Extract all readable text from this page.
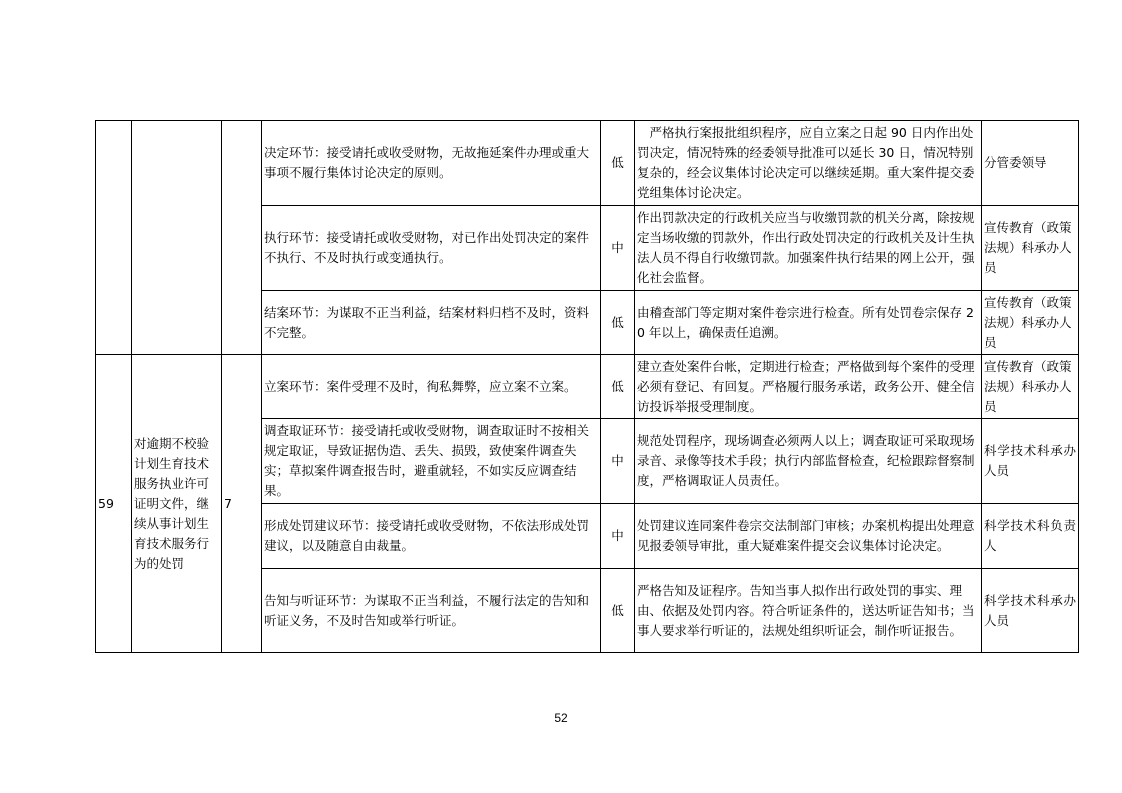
			决定环节：接受请托或收受财物，无故拖延案件办理或重大事项不履行集体讨论决定的原则。	低	严格执行案报批组织程序，应自立案之日起 90 日内作出处罚决定，情况特殊的经委领导批准可以延长 30 日，情况特别复杂的，经会议集体讨论决定可以继续延期。重大案件提交委党组集体讨论决定。	分管委领导
			执行环节：接受请托或收受财物，对已作出处罚决定的案件不执行、不及时执行或变通执行。	中	作出罚款决定的行政机关应当与收缴罚款的机关分离，除按规定当场收缴的罚款外，作出行政处罚决定的行政机关及计生执法人员不得自行收缴罚款。加强案件执行结果的网上公开，强化社会监督。	宣传教育（政策法规）科承办人员
			结案环节：为谋取不正当利益，结案材料归档不及时，资料不完整。	低	由稽查部门等定期对案件卷宗进行检查。所有处罚卷宗保存 20 年以上，确保责任追溯。	宣传教育（政策法规）科承办人员
59	对逾期不校验计划生育技术服务执业许可证明文件，继续从事计划生育技术服务行为的处罚	7	立案环节：案件受理不及时，徇私舞弊，应立案不立案。	低	建立查处案件台帐，定期进行检查；严格做到每个案件的受理必须有登记、有回复。严格履行服务承诺，政务公开、健全信访投诉举报受理制度。	宣传教育（政策法规）科承办人员
			调查取证环节：接受请托或收受财物，调查取证时不按相关规定取证，导致证据伪造、丢失、损毁，致使案件调查失实；草拟案件调查报告时，避重就轻，不如实反应调查结果。	中	规范处罚程序，现场调查必须两人以上；调查取证可采取现场录音、录像等技术手段；执行内部监督检查，纪检跟踪督察制度，严格调取证人员责任。	科学技术科承办人员
			形成处罚建议环节：接受请托或收受财物，不依法形成处罚建议，以及随意自由裁量。	中	处罚建议连同案件卷宗交法制部门审核；办案机构提出处理意见报委领导审批，重大疑难案件提交会议集体讨论决定。	科学技术科负责人
			告知与听证环节：为谋取不正当利益，不履行法定的告知和听证义务，不及时告知或举行听证。	低	严格告知及证程序。告知当事人拟作出行政处罚的事实、理由、依据及处罚内容。符合听证条件的，送达听证告知书；当事人要求举行听证的，法规处组织听证会，制作听证报告。	科学技术科承办人员
52
